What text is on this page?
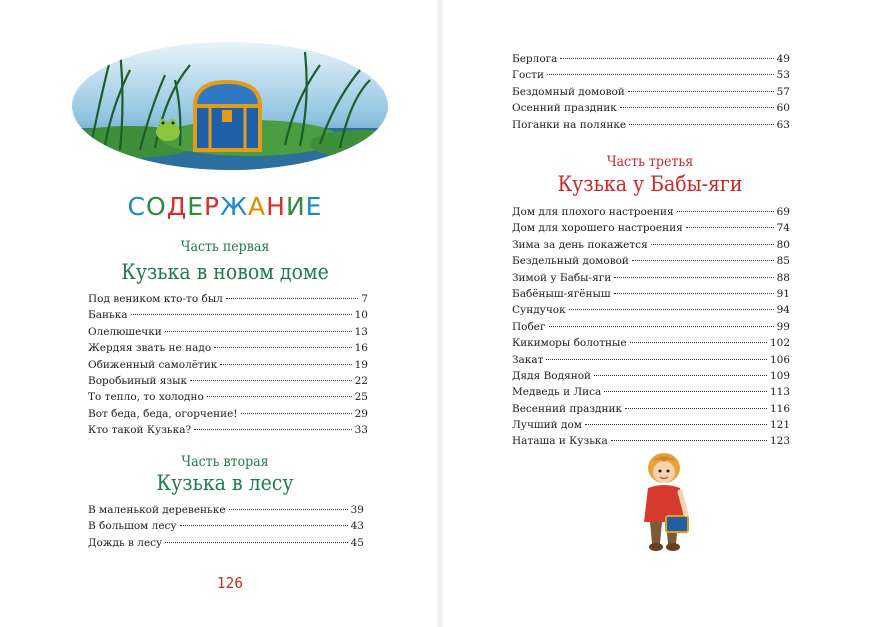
СОДЕРЖАНИЕ
Часть первая
Кузька в новом доме
Под веником кто-то был	7
Банька	10
Олелюшечки	13
Жердяя звать не надо	16
Обиженный самолётик	19
Воробьиный язык	22
То тепло, то холодно	25
Вот беда, беда, огорчение!	29
Кто такой Кузька?	33
Часть вторая
Кузька в лесу
В маленькой деревеньке	39
В большом лесу	43
Дождь в лесу	45
126
Берлога	49
Гости	53
Бездомный домовой	57
Осенний праздник	60
Поганки на полянке	63
Часть третья
Кузька у Бабы-яги
Дом для плохого настроения	69
Дом для хорошего настроения	74
Зима за день покажется	80
Бездельный домовой	85
Зимой у Бабы-яги	88
Бабёныш-ягёныш	91
Сундучок	94
Побег	99
Кикиморы болотные	102
Закат	106
Дядя Водяной	109
Медведь и Лиса	113
Весенний праздник	116
Лучший дом	121
Наташа и Кузька	123
